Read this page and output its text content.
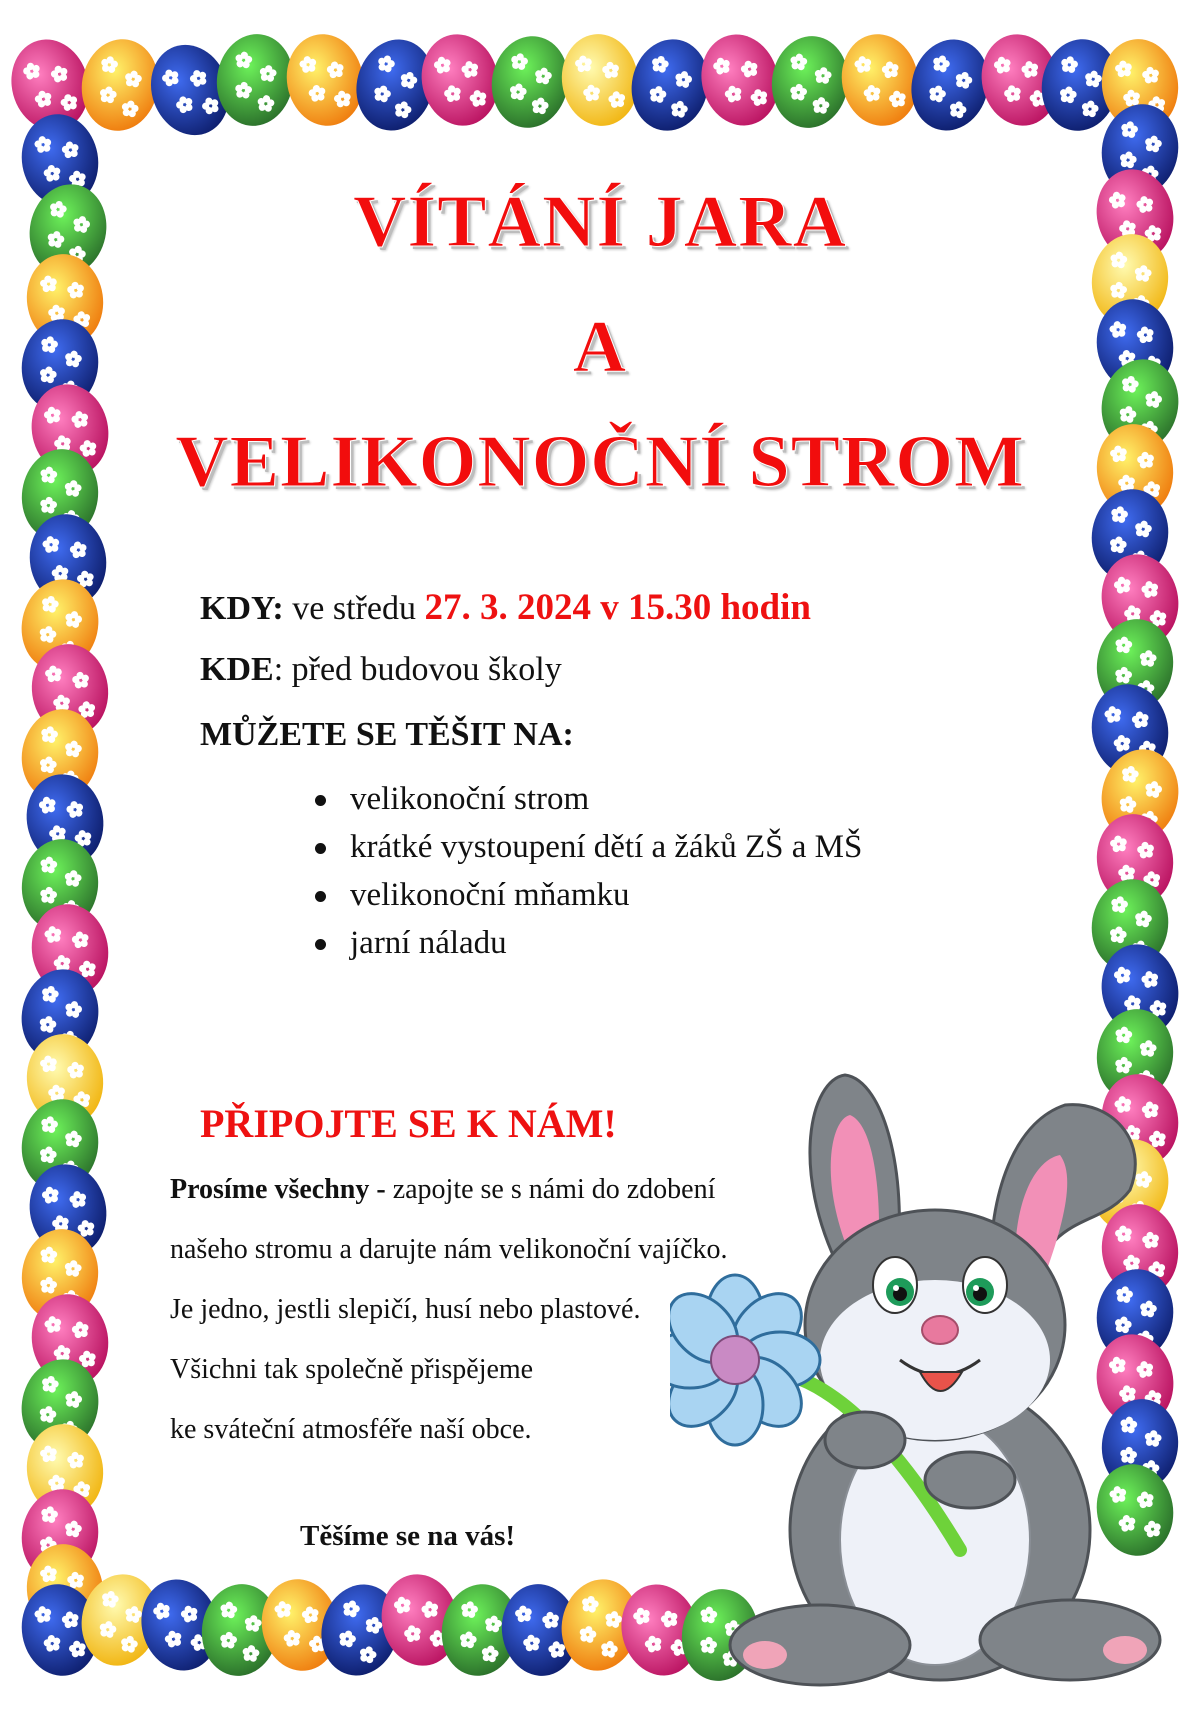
VÍTÁNÍ JARA
A
VELIKONOČNÍ STROM
KDY: ve středu 27. 3. 2024 v 15.30 hodin
KDE: před budovou školy
MŮŽETE SE TĚŠIT NA:
velikonoční strom
krátké vystoupení dětí a žáků ZŠ a MŠ
velikonoční mňamku
jarní náladu
PŘIPOJTE SE K NÁM!
Prosíme všechny - zapojte se s námi do zdobení
našeho stromu a darujte nám velikonoční vajíčko.
Je jedno, jestli slepičí, husí nebo plastové.
Všichni tak společně přispějeme
ke sváteční atmosféře naší obce.
Těšíme se na vás!
